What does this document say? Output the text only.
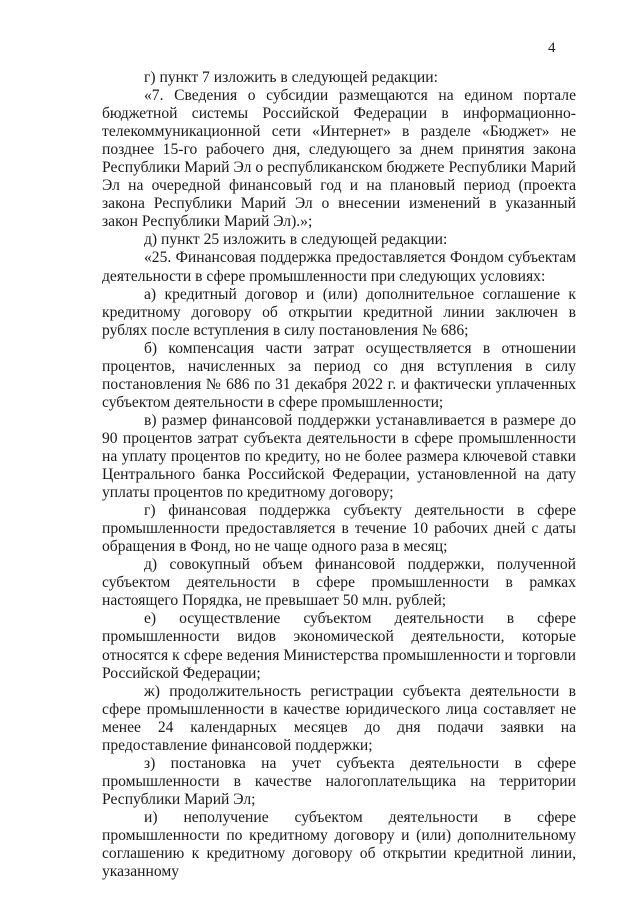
4

г) пункт 7 изложить в следующей редакции:

«7. Сведения о субсидии размещаются на едином портале бюджетной системы Российской Федерации в информационно-телекоммуникационной сети «Интернет» в разделе «Бюджет» не позднее 15-го рабочего дня, следующего за днем принятия закона Республики Марий Эл о республиканском бюджете Республики Марий Эл на очередной финансовый год и на плановый период (проекта закона Республики Марий Эл о внесении изменений в указанный закон Республики Марий Эл).»;

д) пункт 25 изложить в следующей редакции:

«25. Финансовая поддержка предоставляется Фондом субъектам деятельности в сфере промышленности при следующих условиях:

а) кредитный договор и (или) дополнительное соглашение к кредитному договору об открытии кредитной линии заключен в рублях после вступления в силу постановления № 686;

б) компенсация части затрат осуществляется в отношении процентов, начисленных за период со дня вступления в силу постановления № 686 по 31 декабря 2022 г. и фактически уплаченных субъектом деятельности в сфере промышленности;

в) размер финансовой поддержки устанавливается в размере до 90 процентов затрат субъекта деятельности в сфере промышленности на уплату процентов по кредиту, но не более размера ключевой ставки Центрального банка Российской Федерации, установленной на дату уплаты процентов по кредитному договору;

г) финансовая поддержка субъекту деятельности в сфере промышленности предоставляется в течение 10 рабочих дней с даты обращения в Фонд, но не чаще одного раза в месяц;

д) совокупный объем финансовой поддержки, полученной субъектом деятельности в сфере промышленности в рамках настоящего Порядка, не превышает 50 млн. рублей;

е) осуществление субъектом деятельности в сфере промышленности видов экономической деятельности, которые относятся к сфере ведения Министерства промышленности и торговли Российской Федерации;

ж) продолжительность регистрации субъекта деятельности в сфере промышленности в качестве юридического лица составляет не менее 24 календарных месяцев до дня подачи заявки на предоставление финансовой поддержки;

з) постановка на учет субъекта деятельности в сфере промышленности в качестве налогоплательщика на территории Республики Марий Эл;

и) неполучение субъектом деятельности в сфере промышленности по кредитному договору и (или) дополнительному соглашению к кредитному договору об открытии кредитной линии, указанному
